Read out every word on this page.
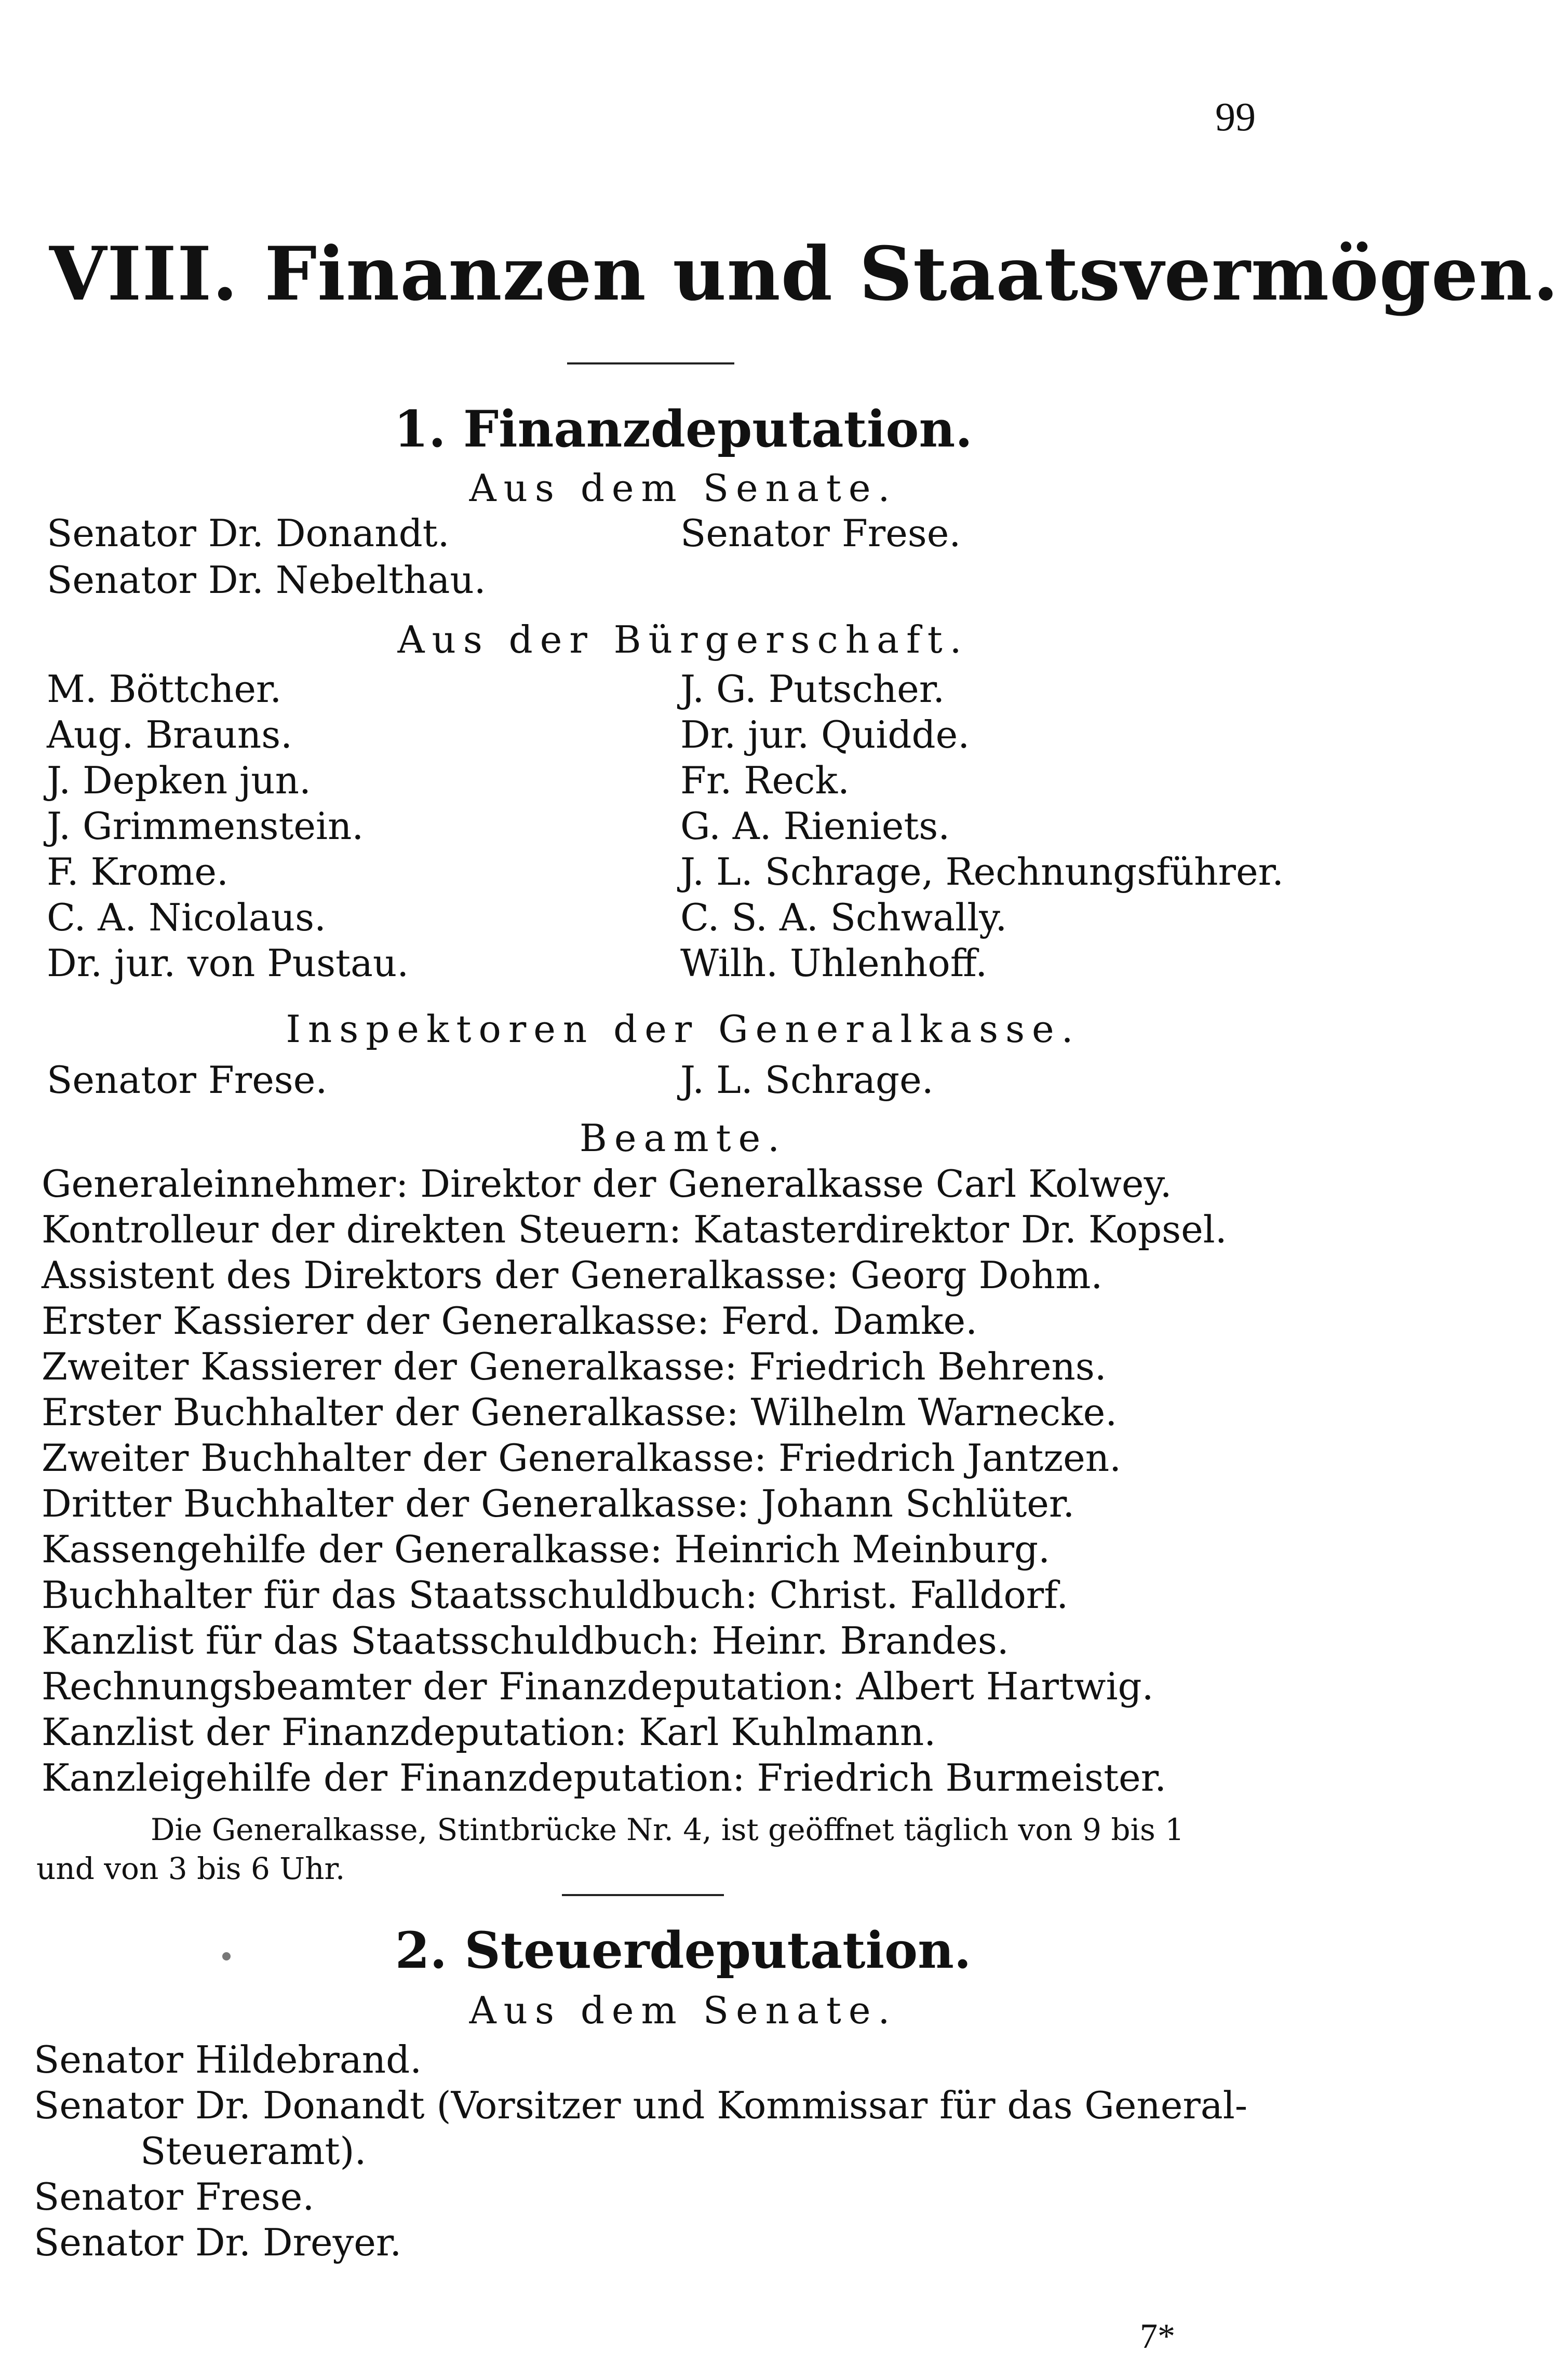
99
VIII. Finanzen und Staatsvermögen.
1. Finanzdeputation.
Aus dem Senate.
Senator Dr. Donandt.	Senator Frese.
Senator Dr. Nebelthau.
Aus der Bürgerschaft.
M. Böttcher.
Aug. Brauns.
J. Depken jun.
J. Grimmenstein.
F. Krome.
C. A. Nicolaus.
Dr. jur. von Pustau.
J. G. Putscher.
Dr. jur. Quidde.
Fr. Reck.
G. A. Rieniets.
J. L. Schrage, Rechnungsführer.
C. S. A. Schwally.
Wilh. Uhlenhoff.
Inspektoren der Generalkasse.
Senator Frese.	J. L. Schrage.
Beamte.
Generaleinnehmer: Direktor der Generalkasse Carl Kolwey.
Kontrolleur der direkten Steuern: Katasterdirektor Dr. Kopsel.
Assistent des Direktors der Generalkasse: Georg Dohm.
Erster Kassierer der Generalkasse: Ferd. Damke.
Zweiter Kassierer der Generalkasse: Friedrich Behrens.
Erster Buchhalter der Generalkasse: Wilhelm Warnecke.
Zweiter Buchhalter der Generalkasse: Friedrich Jantzen.
Dritter Buchhalter der Generalkasse: Johann Schlüter.
Kassengehilfe der Generalkasse: Heinrich Meinburg.
Buchhalter für das Staatsschuldbuch: Christ. Falldorf.
Kanzlist für das Staatsschuldbuch: Heinr. Brandes.
Rechnungsbeamter der Finanzdeputation: Albert Hartwig.
Kanzlist der Finanzdeputation: Karl Kuhlmann.
Kanzleigehilfe der Finanzdeputation: Friedrich Burmeister.
Die Generalkasse, Stintbrücke Nr. 4, ist geöffnet täglich von 9 bis 1
und von 3 bis 6 Uhr.
2. Steuerdeputation.
Aus dem Senate.
Senator Hildebrand.
Senator Dr. Donandt (Vorsitzer und Kommissar für das General-
Steueramt).
Senator Frese.
Senator Dr. Dreyer.
7*
